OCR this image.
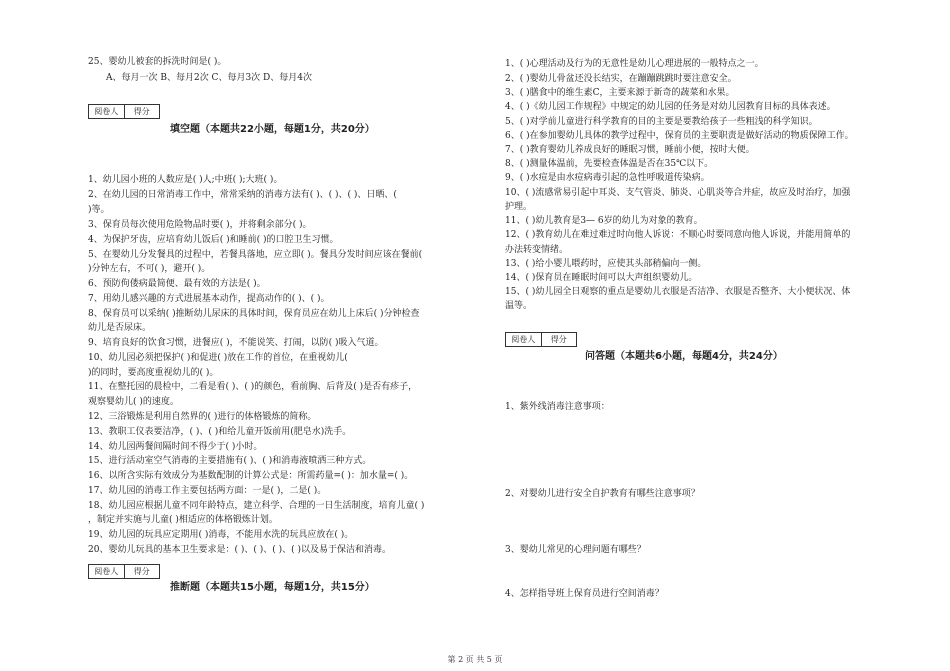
25、婴幼儿被套的拆洗时间是( )。
A、每月一次 B、每月2次 C、每月3次 D、每月4次
阅卷人	得分
填空题（本题共22小题，每题1分，共20分）
1、幼儿园小班的人数应是( )人;中班( );大班( )。
2、在幼儿园的日常消毒工作中，常常采纳的消毒方法有( )、( )、( )、日晒、(
)等。
3、保育员每次使用危险物品时要( )，并将剩余部分( )。
4、为保护牙齿，应培育幼儿饭后( )和睡前( )的口腔卫生习惯。
5、在婴幼儿分发餐具的过程中，若餐具落地，应立即( )。餐具分发时间应该在餐前(
)分钟左右，不可( )，避开( )。
6、预防佝偻病最简便、最有效的方法是( )。
7、用幼儿感兴趣的方式进展基本动作，提高动作的( )、( )。
8、保育员可以采纳( )推断幼儿尿床的具体时间，保育员应在幼儿上床后( )分钟检查
幼儿是否尿床。
9、培育良好的饮食习惯，进餐应( )，不能说笑、打闹，以防( )吸入气道。
10、幼儿园必须把保护( )和促进( )放在工作的首位，在重视幼儿(
)的同时，要高度重视幼儿的( )。
11、在整托园的晨检中，二看是看( )、( )的颜色，看前胸、后背及( )是否有疹子，
观察婴幼儿( )的速度。
12、三浴锻炼是利用自然界的( )进行的体格锻炼的简称。
13、教职工仪表要洁净，( )、( )和给儿童开饭前用(肥皂水)洗手。
14、幼儿园两餐间隔时间不得少于( )小时。
15、进行活动室空气消毒的主要措施有( )、( )和消毒液喷洒三种方式。
16、以所含实际有效成分为基数配制的计算公式是：所需药量=( )：加水量=( )。
17、幼儿园的消毒工作主要包括两方面：一是( )，二是( )。
18、幼儿园应根据儿童不同年龄特点，建立科学、合理的一日生活制度，培育儿童( )
，制定并实施与儿童( )相适应的体格锻炼计划。
19、幼儿园的玩具应定期用( )消毒，不能用水洗的玩具应放在( )。
20、婴幼儿玩具的基本卫生要求是：( )、( )、( )、( )以及易于保洁和消毒。
阅卷人	得分
推断题（本题共15小题，每题1分，共15分）
1、( )心理活动及行为的无意性是幼儿心理进展的一般特点之一。
2、( )婴幼儿骨盆还没长结实，在蹦蹦跳跳时要注意安全。
3、( )膳食中的维生素C，主要来源于新奇的蔬菜和水果。
4、( )《幼儿园工作规程》中规定的幼儿园的任务是对幼儿园教育目标的具体表述。
5、( )对学前儿童进行科学教育的目的主要是要教给孩子一些粗浅的科学知识。
6、( )在参加婴幼儿具体的教学过程中，保育员的主要职责是做好活动的物质保障工作。
7、( )教育婴幼儿养成良好的睡眠习惯，睡前小便，按时大便。
8、( )测量体温前，先要检查体温是否在35℃以下。
9、( )水痘是由水痘病毒引起的急性呼吸道传染病。
10、( )流感常易引起中耳炎、支气管炎、肺炎、心肌炎等合并症，故应及时治疗，加强
护理。
11、( )幼儿教育是3— 6岁的幼儿为对象的教育。
12、( )教育幼儿在难过难过时向他人诉说：不顺心时要同意向他人诉说，并能用简单的
办法转变情绪。
13、( )给小婴儿喂药时，应使其头部稍偏向一侧。
14、( )保育员在睡眠时间可以大声组织婴幼儿。
15、( )幼儿园全日观察的重点是婴幼儿衣服是否洁净、衣服是否整齐、大小便状况、体
温等。
阅卷人	得分
问答题（本题共6小题，每题4分，共24分）
1、紫外线消毒注意事项：
2、对婴幼儿进行安全自护教育有哪些注意事项？
3、婴幼儿常见的心理问题有哪些？
4、怎样指导班上保育员进行空间消毒？
第 2 页 共 5 页
